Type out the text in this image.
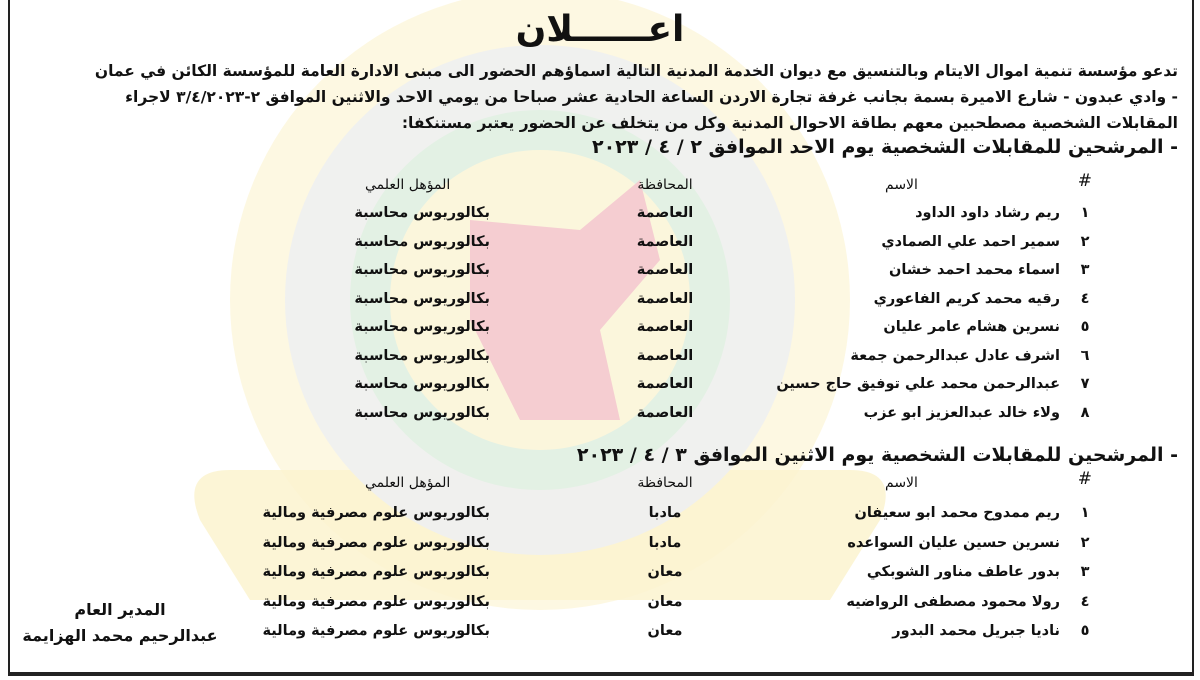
اعــــــلان
تدعو مؤسسة تنمية اموال الايتام وبالتنسيق مع ديوان الخدمة المدنية التالية اسماؤهم الحضور الى مبنى الادارة العامة للمؤسسة الكائن في عمان
- وادي عبدون - شارع الاميرة بسمة بجانب غرفة تجارة الاردن الساعة الحادية عشر صباحا من يومي الاحد والاثنين الموافق ٢-٣/٤/٢٠٢٣ لاجراء
المقابلات الشخصية مصطحبين معهم بطاقة الاحوال المدنية وكل من يتخلف عن الحضور يعتبر مستنكفا:
- المرشحين للمقابلات الشخصية يوم الاحد الموافق ٢ / ٤ / ٢٠٢٣
#
الاسم
المحافظة
المؤهل العلمي
١
ريم رشاد داود الداود
العاصمة
بكالوريوس محاسبة
٢
سمير احمد علي الصمادي
العاصمة
بكالوريوس محاسبة
٣
اسماء محمد احمد خشان
العاصمة
بكالوريوس محاسبة
٤
رقيه محمد كريم الفاعوري
العاصمة
بكالوريوس محاسبة
٥
نسرين هشام عامر عليان
العاصمة
بكالوريوس محاسبة
٦
اشرف عادل عبدالرحمن جمعة
العاصمة
بكالوريوس محاسبة
٧
عبدالرحمن محمد علي توفيق حاج حسين
العاصمة
بكالوريوس محاسبة
٨
ولاء خالد عبدالعزيز ابو عزب
العاصمة
بكالوريوس محاسبة
- المرشحين للمقابلات الشخصية يوم الاثنين الموافق ٣ / ٤ / ٢٠٢٣
#
الاسم
المحافظة
المؤهل العلمي
١
ريم ممدوح محمد ابو سعيفان
مادبا
بكالوريوس علوم مصرفية ومالية
٢
نسرين حسين عليان السواعده
مادبا
بكالوريوس علوم مصرفية ومالية
٣
بدور عاطف مناور الشوبكي
معان
بكالوريوس علوم مصرفية ومالية
٤
رولا محمود مصطفى الرواضيه
معان
بكالوريوس علوم مصرفية ومالية
٥
ناديا جبريل محمد البدور
معان
بكالوريوس علوم مصرفية ومالية
المدير العام
عبدالرحيم محمد الهزايمة
